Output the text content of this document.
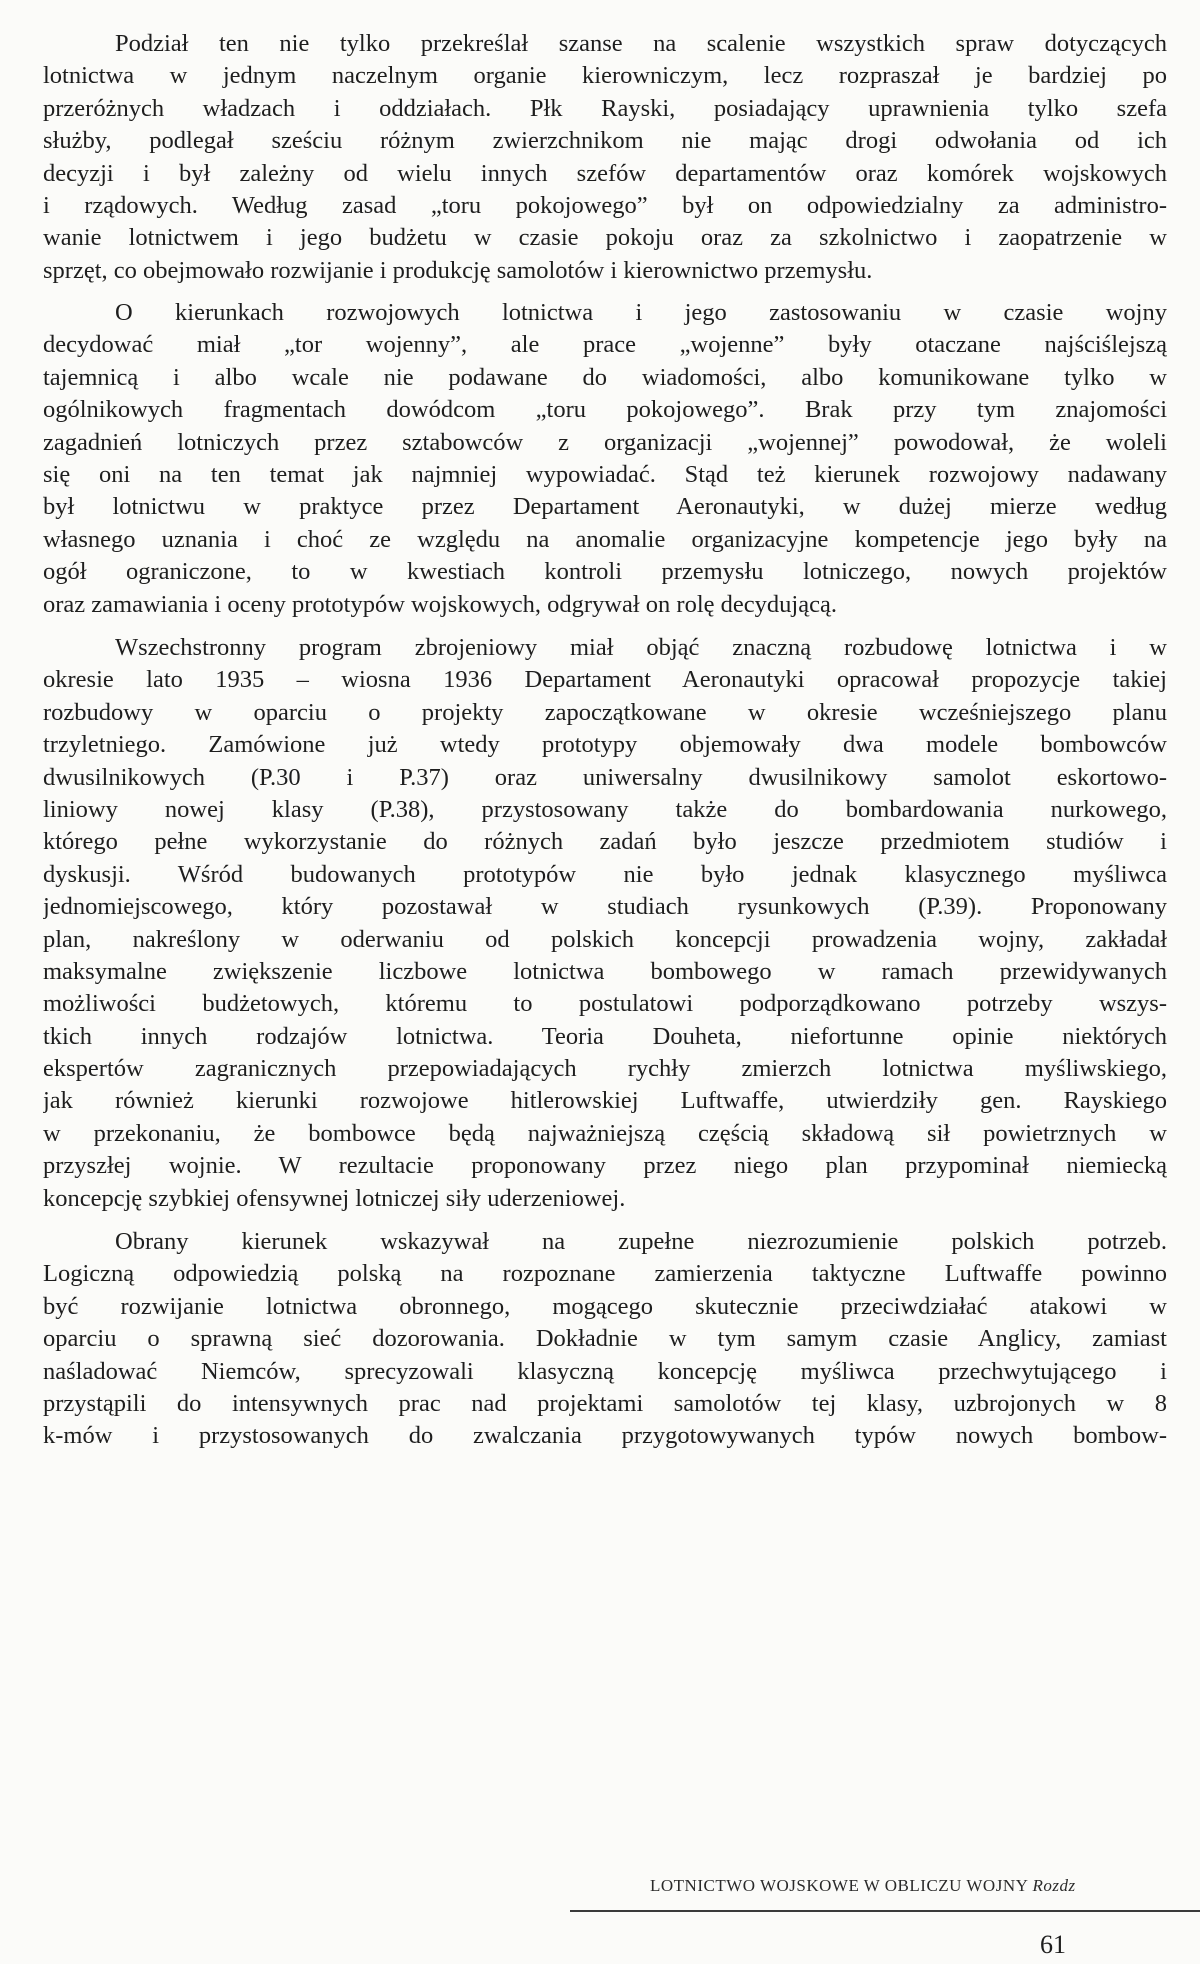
Podział ten nie tylko przekreślał szanse na scalenie wszystkich spraw dotyczących
lotnictwa w jednym naczelnym organie kierowniczym, lecz rozpraszał je bardziej po
przeróżnych władzach i oddziałach. Płk Rayski, posiadający uprawnienia tylko szefa
służby, podlegał sześciu różnym zwierzchnikom nie mając drogi odwołania od ich
decyzji i był zależny od wielu innych szefów departamentów oraz komórek wojskowych
i rządowych. Według zasad „toru pokojowego” był on odpowiedzialny za administro-
wanie lotnictwem i jego budżetu w czasie pokoju oraz za szkolnictwo i zaopatrzenie w
sprzęt, co obejmowało rozwijanie i produkcję samolotów i kierownictwo przemysłu.
O kierunkach rozwojowych lotnictwa i jego zastosowaniu w czasie wojny
decydować miał „tor wojenny”, ale prace „wojenne” były otaczane najściślejszą
tajemnicą i albo wcale nie podawane do wiadomości, albo komunikowane tylko w
ogólnikowych fragmentach dowódcom „toru pokojowego”. Brak przy tym znajomości
zagadnień lotniczych przez sztabowców z organizacji „wojennej” powodował, że woleli
się oni na ten temat jak najmniej wypowiadać. Stąd też kierunek rozwojowy nadawany
był lotnictwu w praktyce przez Departament Aeronautyki, w dużej mierze według
własnego uznania i choć ze względu na anomalie organizacyjne kompetencje jego były na
ogół ograniczone, to w kwestiach kontroli przemysłu lotniczego, nowych projektów
oraz zamawiania i oceny prototypów wojskowych, odgrywał on rolę decydującą.
Wszechstronny program zbrojeniowy miał objąć znaczną rozbudowę lotnictwa i w
okresie lato 1935 – wiosna 1936 Departament Aeronautyki opracował propozycje takiej
rozbudowy w oparciu o projekty zapoczątkowane w okresie wcześniejszego planu
trzyletniego. Zamówione już wtedy prototypy objemowały dwa modele bombowców
dwusilnikowych (P.30 i P.37) oraz uniwersalny dwusilnikowy samolot eskortowo-
liniowy nowej klasy (P.38), przystosowany także do bombardowania nurkowego,
którego pełne wykorzystanie do różnych zadań było jeszcze przedmiotem studiów i
dyskusji. Wśród budowanych prototypów nie było jednak klasycznego myśliwca
jednomiejscowego, który pozostawał w studiach rysunkowych (P.39). Proponowany
plan, nakreślony w oderwaniu od polskich koncepcji prowadzenia wojny, zakładał
maksymalne zwiększenie liczbowe lotnictwa bombowego w ramach przewidywanych
możliwości budżetowych, któremu to postulatowi podporządkowano potrzeby wszys-
tkich innych rodzajów lotnictwa. Teoria Douheta, niefortunne opinie niektórych
ekspertów zagranicznych przepowiadających rychły zmierzch lotnictwa myśliwskiego,
jak również kierunki rozwojowe hitlerowskiej Luftwaffe, utwierdziły gen. Rayskiego
w przekonaniu, że bombowce będą najważniejszą częścią składową sił powietrznych w
przyszłej wojnie. W rezultacie proponowany przez niego plan przypominał niemiecką
koncepcję szybkiej ofensywnej lotniczej siły uderzeniowej.
Obrany kierunek wskazywał na zupełne niezrozumienie polskich potrzeb.
Logiczną odpowiedzią polską na rozpoznane zamierzenia taktyczne Luftwaffe powinno
być rozwijanie lotnictwa obronnego, mogącego skutecznie przeciwdziałać atakowi w
oparciu o sprawną sieć dozorowania. Dokładnie w tym samym czasie Anglicy, zamiast
naśladować Niemców, sprecyzowali klasyczną koncepcję myśliwca przechwytującego i
przystąpili do intensywnych prac nad projektami samolotów tej klasy, uzbrojonych w 8
k-mów i przystosowanych do zwalczania przygotowywanych typów nowych bombow-
LOTNICTWO WOJSKOWE W OBLICZU WOJNY Rozdz
61
